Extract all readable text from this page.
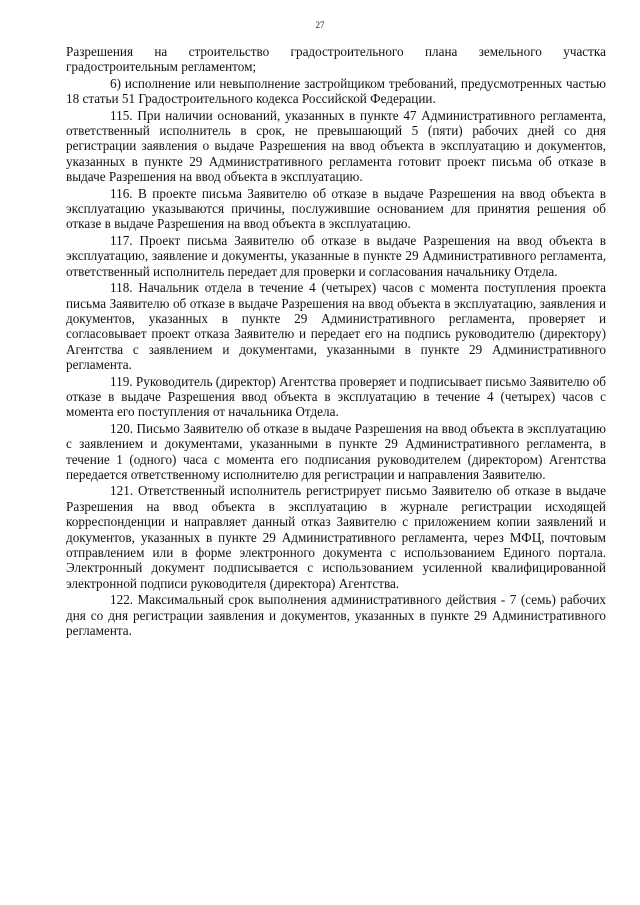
27

Разрешения на строительство градостроительного плана земельного участка градостроительным регламентом;

6) исполнение или невыполнение застройщиком требований, предусмотренных частью 18 статьи 51 Градостроительного кодекса Российской Федерации.

115. При наличии оснований, указанных в пункте 47 Административного регламента, ответственный исполнитель в срок, не превышающий 5 (пяти) рабочих дней со дня регистрации заявления о выдаче Разрешения на ввод объекта в эксплуатацию и документов, указанных в пункте 29 Административного регламента готовит проект письма об отказе в выдаче Разрешения на ввод объекта в эксплуатацию.

116. В проекте письма Заявителю об отказе в выдаче Разрешения на ввод объекта в эксплуатацию указываются причины, послужившие основанием для принятия решения об отказе в выдаче Разрешения на ввод объекта в эксплуатацию.

117. Проект письма Заявителю об отказе в выдаче Разрешения на ввод объекта в эксплуатацию, заявление и документы, указанные в пункте 29 Административного регламента, ответственный исполнитель передает для проверки и согласования начальнику Отдела.

118. Начальник отдела в течение 4 (четырех) часов с момента поступления проекта письма Заявителю об отказе в выдаче Разрешения на ввод объекта в эксплуатацию, заявления и документов, указанных в пункте 29 Административного регламента, проверяет и согласовывает проект отказа Заявителю и передает его на подпись руководителю (директору) Агентства с заявлением и документами, указанными в пункте 29 Административного регламента.

119. Руководитель (директор) Агентства проверяет и подписывает письмо Заявителю об отказе в выдаче Разрешения ввод объекта в эксплуатацию в течение 4 (четырех) часов с момента его поступления от начальника Отдела.

120. Письмо Заявителю об отказе в выдаче Разрешения на ввод объекта в эксплуатацию с заявлением и документами, указанными в пункте 29 Административного регламента, в течение 1 (одного) часа с момента его подписания руководителем (директором) Агентства передается ответственному исполнителю для регистрации и направления Заявителю.

121. Ответственный исполнитель регистрирует письмо Заявителю об отказе в выдаче Разрешения на ввод объекта в эксплуатацию в журнале регистрации исходящей корреспонденции и направляет данный отказ Заявителю с приложением копии заявлений и документов, указанных в пункте 29 Административного регламента, через МФЦ, почтовым отправлением или в форме электронного документа с использованием Единого портала. Электронный документ подписывается с использованием усиленной квалифицированной электронной подписи руководителя (директора) Агентства.

122. Максимальный срок выполнения административного действия - 7 (семь) рабочих дня со дня регистрации заявления и документов, указанных в пункте 29 Административного регламента.
